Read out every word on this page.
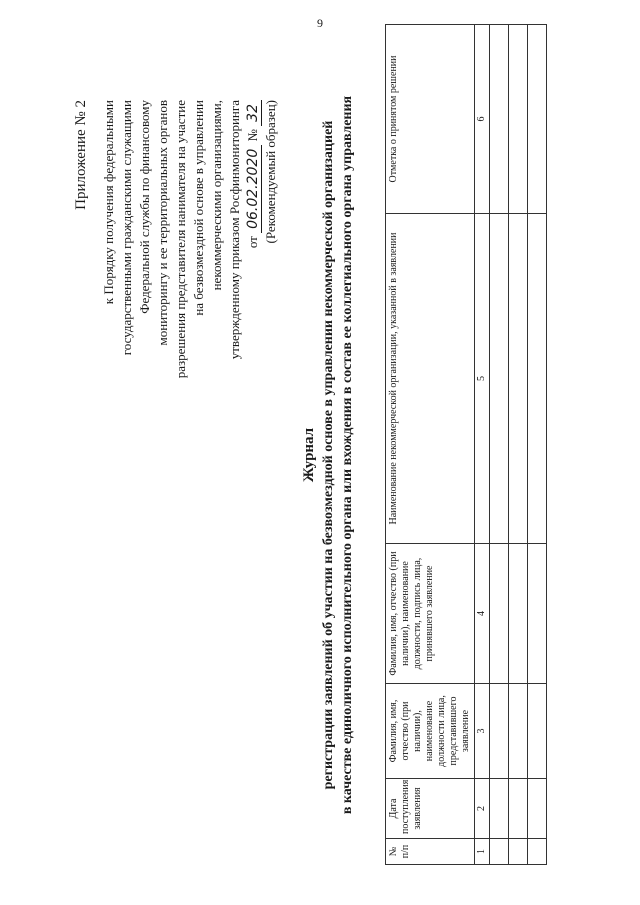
9
Приложение № 2 к Порядку получения федеральными государственными гражданскими служащими Федеральной службы по финансовому мониторингу и ее территориальных органов разрешения представителя нанимателя на участие на безвозмездной основе в управлении некоммерческими организациями, утвержденному приказом Росфинмониторинга от 06.02.2020 № 32 (Рекомендуемый образец)
Журнал регистрации заявлений об участии на безвозмездной основе в управлении некоммерческой организацией в качестве единоличного исполнительного органа или вхождения в состав ее коллегиального органа управления
№ п/п	Дата поступления заявления	Фамилия, имя, отчество (при наличии), наименование должности лица, представившего заявление	Фамилия, имя, отчество (при наличии), наименование должности, подпись лица, принявшего заявление	Наименование некоммерческой организации, указанной в заявлении	Отметка о принятом решении
1	2	3	4	5	6
